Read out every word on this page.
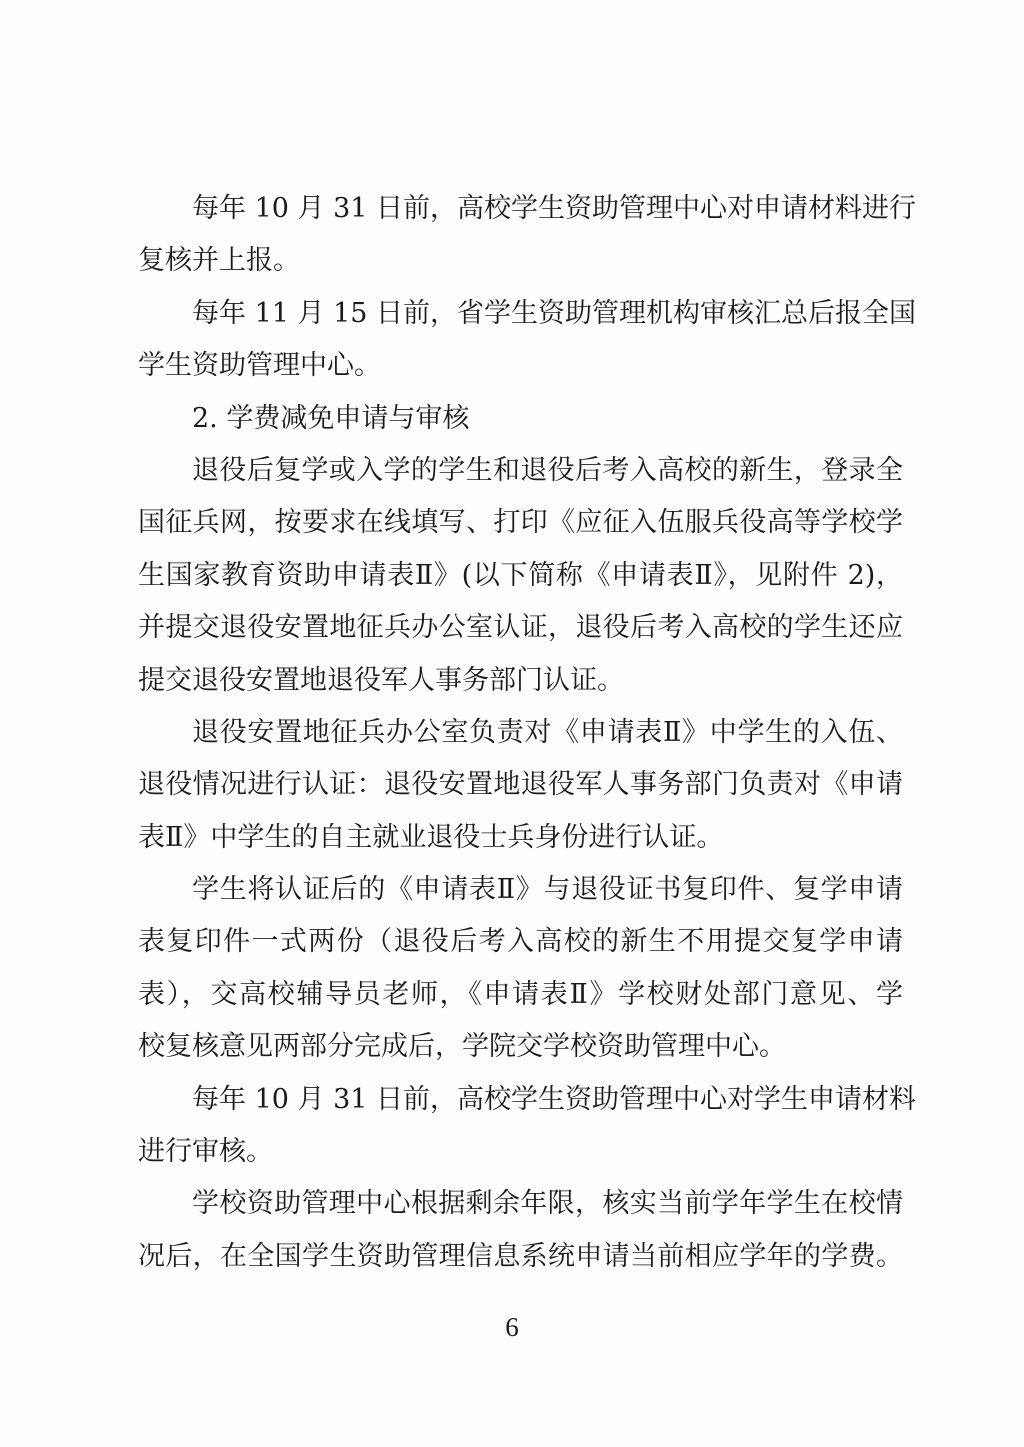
每年 10 月 31 日前，高校学生资助管理中心对申请材料进行
复核并上报。
每年 11 月 15 日前，省学生资助管理机构审核汇总后报全国
学生资助管理中心。
2. 学费减免申请与审核
退役后复学或入学的学生和退役后考入高校的新生，登录全
国征兵网，按要求在线填写、打印《应征入伍服兵役高等学校学
生国家教育资助申请表Ⅱ》(以下简称《申请表Ⅱ》，见附件 2)，
并提交退役安置地征兵办公室认证，退役后考入高校的学生还应
提交退役安置地退役军人事务部门认证。
退役安置地征兵办公室负责对《申请表Ⅱ》中学生的入伍、
退役情况进行认证：退役安置地退役军人事务部门负责对《申请
表Ⅱ》中学生的自主就业退役士兵身份进行认证。
学生将认证后的《申请表Ⅱ》与退役证书复印件、复学申请
表复印件一式两份（退役后考入高校的新生不用提交复学申请
表），交高校辅导员老师，《申请表Ⅱ》学校财处部门意见、学
校复核意见两部分完成后，学院交学校资助管理中心。
每年 10 月 31 日前，高校学生资助管理中心对学生申请材料
进行审核。
学校资助管理中心根据剩余年限，核实当前学年学生在校情
况后，在全国学生资助管理信息系统申请当前相应学年的学费。
6
